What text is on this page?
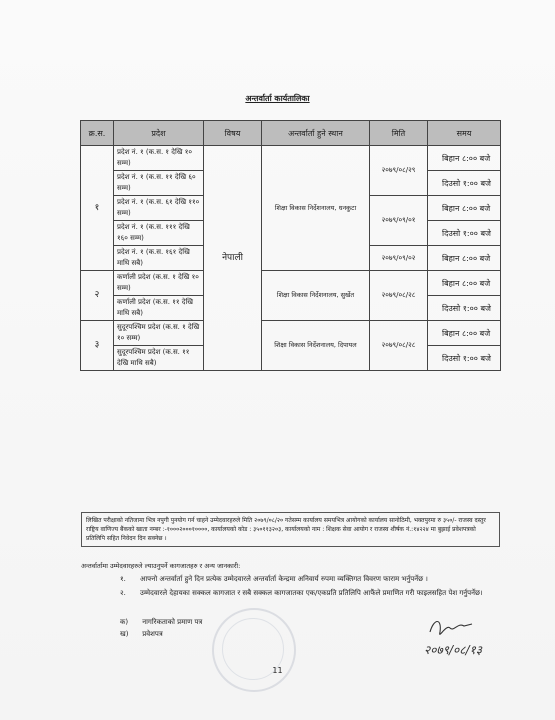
अन्तर्वार्ता कार्यतालिका
क्र.स.	प्रदेश	विषय	अन्तर्वार्ता हुने स्थान	मिति	समय
१	प्रदेश नं. १ (क.स. १ देखि १० सम्म)	नेपाली	शिक्षा विकास निर्देशनालय, धनकुटा	२०७९/०८/२९	बिहान ८:०० बजे

	प्रदेश नं. १ (क.स. ११ देखि ६० सम्म)				दिउसो १:०० बजे

	प्रदेश नं. १ (क.स. ६१ देखि ११० सम्म)			२०७९/०९/०१	बिहान ८:०० बजे

	प्रदेश नं. १ (क.स. १११ देखि १६० सम्म)				दिउसो १:०० बजे

	प्रदेश नं. १ (क.स. १६१ देखि माथि सबै)			२०७९/०९/०२	बिहान ८:०० बजे

२	कर्णाली प्रदेश (क.स. १ देखि १० सम्म)		शिक्षा विकास निर्देशनालय, सुर्खेत	२०७९/०८/२८	बिहान ८:०० बजे

	कर्णाली प्रदेश (क.स. ११ देखि माथि सबै)				दिउसो १:०० बजे

३	सुदूरपश्चिम प्रदेश (क.स. १ देखि १० सम्म)		शिक्षा विकास निर्देशनालय, दिपायल	२०७९/०८/२८	बिहान ८:०० बजे

	सुदूरपश्चिम प्रदेश (क.स. ११ देखि माथि सबै)				दिउसो १:०० बजे

लिखित परीक्षाको नतिजामा भित्र नपुगी पुनयोग गर्न चाहने उम्मेदवारहरुले मिति २०७९/०८/२० गतेसम्म कार्यालय समयभित्र आयोगको कार्यालय सानोठिमी, भक्तपुरमा रु ३५०/- राजस्व दस्तुर राष्ट्रिय वाणिज्य बैंकको खाता नम्बर :-१०००२०००१००००, कार्यालयको कोड : ३५०११३२०३, कार्यालयको नाम : शिक्षक सेवा आयोग र राजस्व शीर्षक नं.:१४२२४ मा बुझाई प्रवेशपत्रको प्रतिलिपि सहित निवेदन दिन सक्नेछ ।
अन्तर्वार्तामा उम्मेदवारहरुले ल्याउनुपर्ने कागजातहरु र अन्य जानकारी:
१.	आफ्नो अन्तर्वार्ता हुने दिन प्रत्येक उम्मेदवारले अन्तर्वार्ता केन्द्रमा अनिवार्य रुपमा व्यक्तिगत विवरण फाराम भर्नुपर्नेछ ।
२.	उम्मेदवारले देहायका सक्कल कागजात र सबै सक्कल कागजातका एक/एकप्रति प्रतिलिपि आफैंले प्रमाणित गरी फाइलसहित पेश गर्नुपर्नेछ।
क) नागरिकताको प्रमाण पत्र
ख) प्रवेशपत्र
२०७९/०८/१३
11
